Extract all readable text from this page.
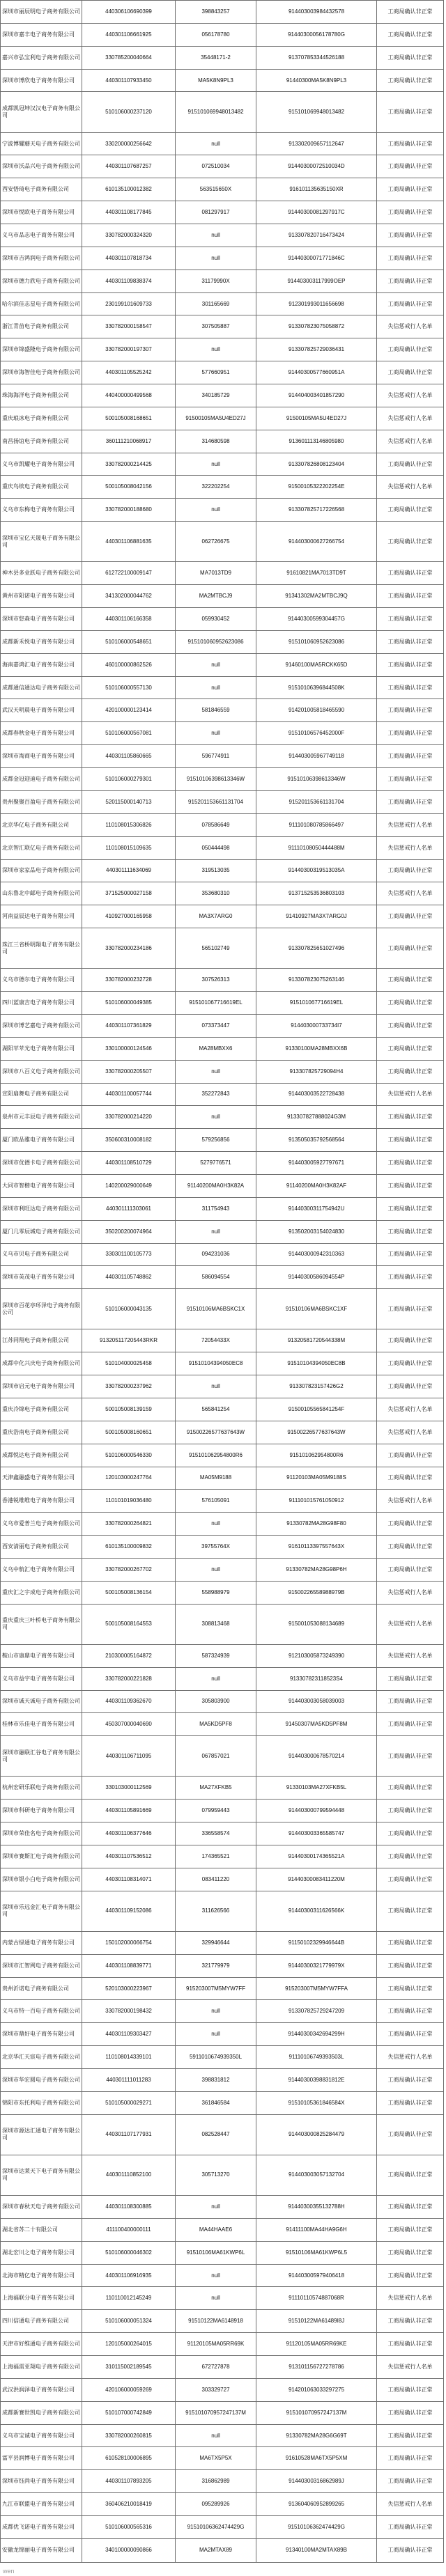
深圳市丽辰明电子商务有限公司	440306106690399	398843257	914403003984432578	工商局确认非正常
深圳市嘉丰电子商务有限公司	440301106661925	056178780	91440300056178780G	工商局确认非正常
嘉兴市弘宝利电子商务有限公司	330785200040664	35448171-2	913707853344526188	工商局确认非正常
深圳市博欣电子商务有限公司	440301107933450	MA5K8N9PL3	91440300MA5K8N9PL3	工商局确认非正常
成都凯冠坤汉汉电子商务有限公司	510106000237120	915101069948013482	915101069948013482	工商局确认非正常
宁波博耀蘑天电子商务有限公司	330200000256642	null	913302009657112647	工商局确认非正常
深圳市沃品兴电子商务有限公司	440301107687257	072510034	91440300072510034D	工商局确认非正常
西安悟琦电子商务有限公司	610135100012382	563515650X	916101135635150XR	工商局确认非正常
深圳市悦欧电子商务有限公司	440301108177845	081297917	91440300081297917C	工商局确认非正常
义乌市品志电子商务有限公司	330782000324320	null	913307820716473424	工商局确认非正常
深圳市吉鸿润电子商务有限公司	440301107818734	null	91440300071771846C	工商局确认非正常
深圳市德力欣电子商务有限公司	440301109838374	31179990X	914403003117999OEP	工商局确认非正常
哈尔滨佳志星电子商务有限公司	230199101609733	301165669	912301993011656698	工商局确认非正常
浙江青苗电子商务有限公司	330782000158547	307505887	913307823075058872	失信惩戒行人名单
深圳市锦盛隆电子商务有限公司	330782000197307	null	913307825729036431	工商局确认非正常
深圳市海智佳电子商务有限公司	440301105525242	577660951	91440300577660951A	工商局确认非正常
珠海海洋电子商务有限公司	440400000499568	340185729	914404003401857290	失信惩戒行人名单
重庆琅冰电子商务有限公司	500105008168651	91500105MA5U4ED27J	91500105MA5U4ED27J	失信惩戒行人名单
南昌扬谊电子商务有限公司	360111210068917	314680598	913601113146805980	失信惩戒行人名单
义乌市凯耀电子商务有限公司	330782000214425	null	913307826808123404	工商局确认非正常
重庆鸟缤电子商务有限公司	500105008042156	322202254	91500105322202254E	失信惩戒行人名单
义乌市东梅电子商务有限公司	330782000188680	null	913307825717226568	工商局确认非正常
深圳市宝亿天晟电子商务有限公司	440301106881635	062726675	914403000627266754	工商局确认非正常
神木县多业跃电子商务有限公司	612722100009147	MA7013TD9	91610821MA7013TD9T	工商局确认非正常
黄州市阳诺电子商务有限公司	341302000044762	MA2MTBCJ9	91341302MA2MTBCJ9Q	工商局确认非正常
深圳市悠森电子商务有限公司	440301106166358	059930452	91440300599304457G	工商局确认非正常
成都新禾悦电子商务有限公司	510106000548651	915101060952623086	915101060952623086	工商局确认非正常
海南嘉鸿汇电子商务有限公司	460100000862526	null	91460100MA5RCKK65D	工商局确认非正常
成都通信通达电子商务有限公司	510106000557130	null	91510106396844508K	工商局确认非正常
武汉天明晨电子商务有限公司	420100000123414	581846559	914201005818465590	工商局确认非正常
成都春秋金电子商务有限公司	510106000567081	null	91510106576452000F	工商局确认非正常
深圳市淘商电子商务有限公司	440301105860665	596774911	914403005967749118	工商局确认非正常
成都金冠迎迪电子商务有限公司	510106000279301	91510106398613346W	91510106398613346W	工商局确认非正常
贵州聚聚百盈电子商务有限公司	520115000140713	915201153661131704	915201153661131704	工商局确认非正常
北京华亿电子商务有限公司	110108015306826	078586649	911101080785866497	失信惩戒行人名单
北京智汇联亿电子商务有限公司	110108015109635	050444498	91110108050444488M	失信惩戒行人名单
深圳市家家品电子商务有限公司	440301111634069	319513035	91440300319513035A	工商局确认非正常
山东鲁北中邮电子商务有限公司	371525000027158	353680310	913715253536803103	失信惩戒行人名单
河南益辰达电子商务有限公司	410927000165958	MA3X7ARG0	91410927MA3X7ARG0J	工商局确认非正常
珠江三省桥明翔电子商务有限公司	330782000234186	565102749	913307825651027496	工商局确认非正常
义乌市德尔电子商务有限公司	330782000232728	307526313	913307823075263146	工商局确认非正常
四川蓝康吉电子商务有限公司	510106000049385	915101067716619EL	915101067716619EL	工商局确认非正常
深圳市博艺嘉电子商务有限公司	440301107361829	073373447	914403000733734I7	工商局确认非正常
湖阳苹苹光电子商务有限公司	330100000124546	MA28MBXX6	91330100MA28MBXX6B	工商局确认非正常
深圳市八百义电子商务有限公司	330782000205507	null	913307825729094H4	工商局确认非正常
宣阳扇舞电子商务有限公司	440301100057744	352272843	914403003522728438	失信惩戒行人名单
泉州市元丰辰电子商务有限公司	330782000214220	null	913307827888024G3M	工商局确认非正常
厦门欧品雅电子商务有限公司	350600310008182	579256856	913505035792568564	工商局确认非正常
深圳市优德卡电子商务有限公司	440301108510729	5279776571	914403005927797671	工商局确认非正常
大同市智楷电子商务有限公司	140200029000649	91140200MA0H3K82A	91140200MA0H3K82AF	工商局确认非正常
深圳市利旺达电子商务有限公司	440301111303061	311754943	91440300311754942U	工商局确认非正常
厦门几零辰城电子商务有限公司	350200200074964	null	913502003154024830	工商局确认非正常
义乌市贝电子商务有限公司	330301100105773	094231036	914403000942310363	工商局确认非正常
深圳市英茂电子商务有限公司	440301105748862	586094554	91440300586094554P	工商局确认非正常
深圳市百花亭环泽电子商务有限公司	510106000043135	91510106MA6BSKC1X	91510106MA6BSKC1XF	工商局确认非正常
江苏同翔电子商务有限公司	913205117205443RKR	72054433X	91320581720544338M	工商局确认非正常
成都中化兴庆电子商务有限公司	510104000025458	91510104394050EC8	91510104394050EC8B	工商局确认非正常
深圳市启元电子商务有限公司	330782000237962	null	913307823157426G2	工商局确认非正常
重庆冷锦电子商务有限公司	500105008139159	565841254	91500105565841254F	失信惩戒行人名单
重庆浩南电子商务有限公司	500105008160651	91500226577637643W	91500226577637643W	失信惩戒行人名单
成都悦达电子商务有限公司	510106000546330	915101062954800R6	915101062954800R6	工商局确认非正常
天津鑫融盛电子商务有限公司	120103000247764	MA05M9188	91120103MA05M9188S	工商局确认非正常
香港锐维维电子商务有限公司	110101019036480	576105091	911101015761050912	失信惩戒行人名单
义乌市爱普兰电子商务有限公司	330782000264821	null	91330782MA28G98F80	工商局确认非正常
西安清丽电子商务有限公司	610135100009832	39755764X	91610113397557643X	工商局确认非正常
义乌中航汇电子商务有限公司	330782000267702	null	91330782MA28G98P6H	工商局确认非正常
重庆汇之宇成电子商务有限公司	500105008136154	558988979	91500226558988979B	失信惩戒行人名单
重庆重庆三叶桥电子商务有限公司	500105008164553	308813468	915001053088134689	失信惩戒行人名单
鞍山市康鼎电子商务有限公司	210300005164872	587324939	912103005873249390	失信惩戒行人名单
义乌市益宇电子商务有限公司	330782000221828	null	913307823118523S4	工商局确认非正常
深圳市诚天诚电子商务有限公司	440301109362670	305803900	914403003058039003	工商局确认非正常
桂林市乐佳电子商务有限公司	450307000040690	MA5KD5PF8	91450307MA5KD5PF8M	工商局确认非正常
深圳市融联汇谷电子商务有限公司	440301106711095	067857021	914403000678570214	工商局确认非正常
杭州宏研乐联电子商务有限公司	330103000112569	MA27XFKB5	91330103MA27XFKB5L	工商局确认非正常
深圳市科研电子商务有限公司	440301105891669	079959443	914403000799594448	工商局确认非正常
深圳市荣佳名电子商务有限公司	440301106377646	336558574	914403003365585747	工商局确认非正常
深圳市赛斯汇电子商务有限公司	440301107536512	174365521	91440300174365521A	工商局确认非正常
深圳市银小白电子商务有限公司	440301108314071	083411220	91440300083411220M	工商局确认非正常
深圳市乐远金汇电子商务有限公司	440301109152086	311626566	91440300311626566K	工商局确认非正常
内蒙古绿通电子商务有限公司	150102000066754	329946644	91150102329946644B	工商局确认非正常
深圳市汇智网电子商务有限公司	440301108839771	321779979	91440300321779979X	工商局确认非正常
贵州沂诺电子商务有限公司	520103000223967	915203007M5MYW7FF	915203007M5MYW7FFA	工商局确认非正常
义乌市特一百电子商务有限公司	330782000198432	null	913307825729247209	工商局确认非正常
深圳市鼎好电子商务有限公司	440301109303427	null	91440300342694299H	工商局确认非正常
北京华汇天宸电子商务有限公司	110108014339101	5911010674939350L	91110106749393503L	失信惩戒行人名单
深圳市华宏圆电子商务有限公司	440301111011283	398831812	91440300398831812E	工商局确认非正常
锦阳市东托利电子商务有限公司	510105000029271	361846584	91510105361846584X	工商局确认非正常
深圳市源达汇通电子商务有限公司	440301107177931	082528447	914403000825284479	工商局确认非正常
深圳市达莱天下电子商务有限公司	440301110852100	305713270	914403003057132704	工商局确认非正常
深圳市春秋天电子商务有限公司	440301108300885	null	91440300355132788H	工商局确认非正常
湖北省苏二十有限公司	411100400000111	MA44HAAE6	91411100MA44HA9G6H	工商局确认非正常
湖北宏川之电子商务有限公司	510106000046302	91510106MA61KWP6L	91510106MA61KWP6L5	工商局确认非正常
北海市精亿电子商务有限公司	440301106916935	null	914403005979406418	工商局确认非正常
上海福联分电子商务有限公司	110110012145249	null	91110110574887068R	失信惩戒行人名单
四川信通电子商务有限公司	510106000051324	91510122MA6148918	91510122MA61489I8J	工商局确认非正常
天津市好维通电子商务有限公司	120105000264015	91120105MA05RR69K	91120105MA05RR69KE	工商局确认非正常
上海福雷亚翔电子商务有限公司	310115002189545	672727878	913101156727278786	失信惩戒行人名单
武汉洪润泽电子商务有限公司	420106000059269	303329727	914201063033297275	工商局确认非正常
成都新赛世凯电子商务有限公司	510107000742849	915101070957247137M	915101070957247137M	工商局确认非正常
义乌市宝诚电子商务有限公司	330782000260815	null	91330782MA28G6G69T	工商局确认非正常
富平县润博电子商务有限公司	610528100006895	MA6TX5P5X	91610528MA6TX5P5XM	工商局确认非正常
深圳市钰尚电子商务有限公司	440301107893205	316862989	91440300316862989J	工商局确认非正常
九江市联盟电子商务有限公司	360406210018419	095289926	913604060952899265	失信惩戒行人名单
成都优飞诺电子商务有限公司	510106000565316	91510106362474429G	91510106362474429G	工商局确认非正常
安徽龙锦丽电子商务有限公司	340100000090866	MA2MTAX89	91340100MA2MTAX89B	工商局确认非正常
wen
